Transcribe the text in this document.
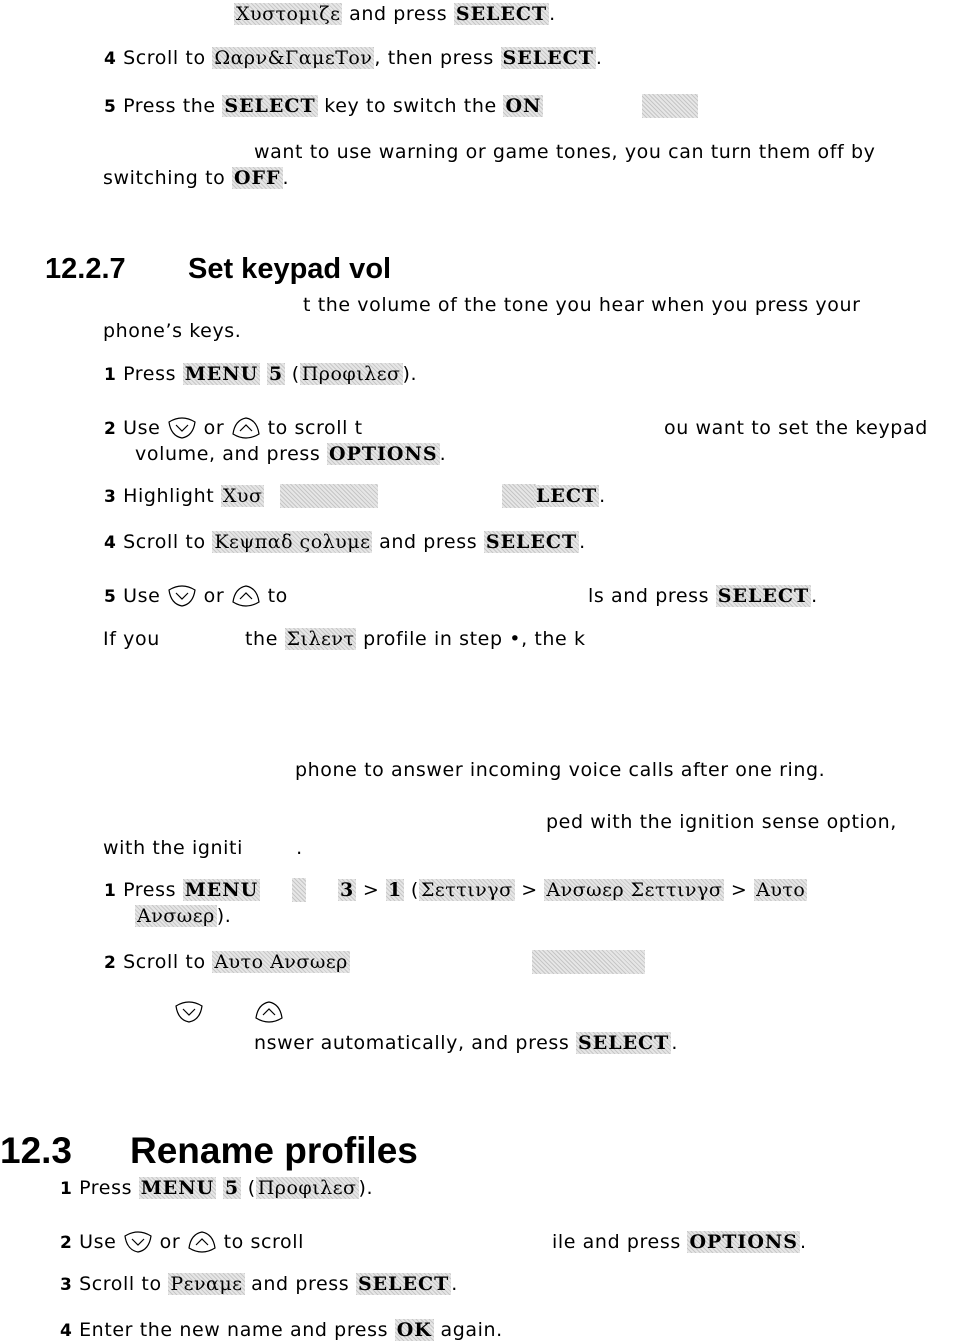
Χυστομιζε and press SELECT .
4 Scroll to Ωαρν&ΓαμεΤον , then press SELECT .
5 Press the SELECT key to switch the ON
want to use warning or game tones, you can turn them off by
switching to OFF .
12.2.7 Set keypad vol
t the volume of the tone you hear when you press your
phone’s keys.
1 Press MENU 5 ( Προφιλεσ ).
2 Use
or
to scroll t	ou want to set the keypad
volume, and press OPTIONS .
3 Highlight Χυσ	LECT .
4 Scroll to Κεψπαδ ςολυμε and press SELECT .
5 Use
or
to	ls and press SELECT .
If you	the Σιλεντ profile in step •, the k
phone to answer incoming voice calls after one ring.
ped with the ignition sense option,
with the igniti        .
1 Press MENU	3 > 1 ( Σεττινγσ > Ανσωερ Σεττινγσ > Αυτο
Ανσωερ ).
2 Scroll to Αυτο Ανσωερ
nswer automatically, and press SELECT .
12.3 Rename profiles
1 Press MENU 5 ( Προφιλεσ ).
2 Use
or
to scroll	ile and press OPTIONS .
3 Scroll to Ρεναμε and press SELECT .
4 Enter the new name and press OK again.
